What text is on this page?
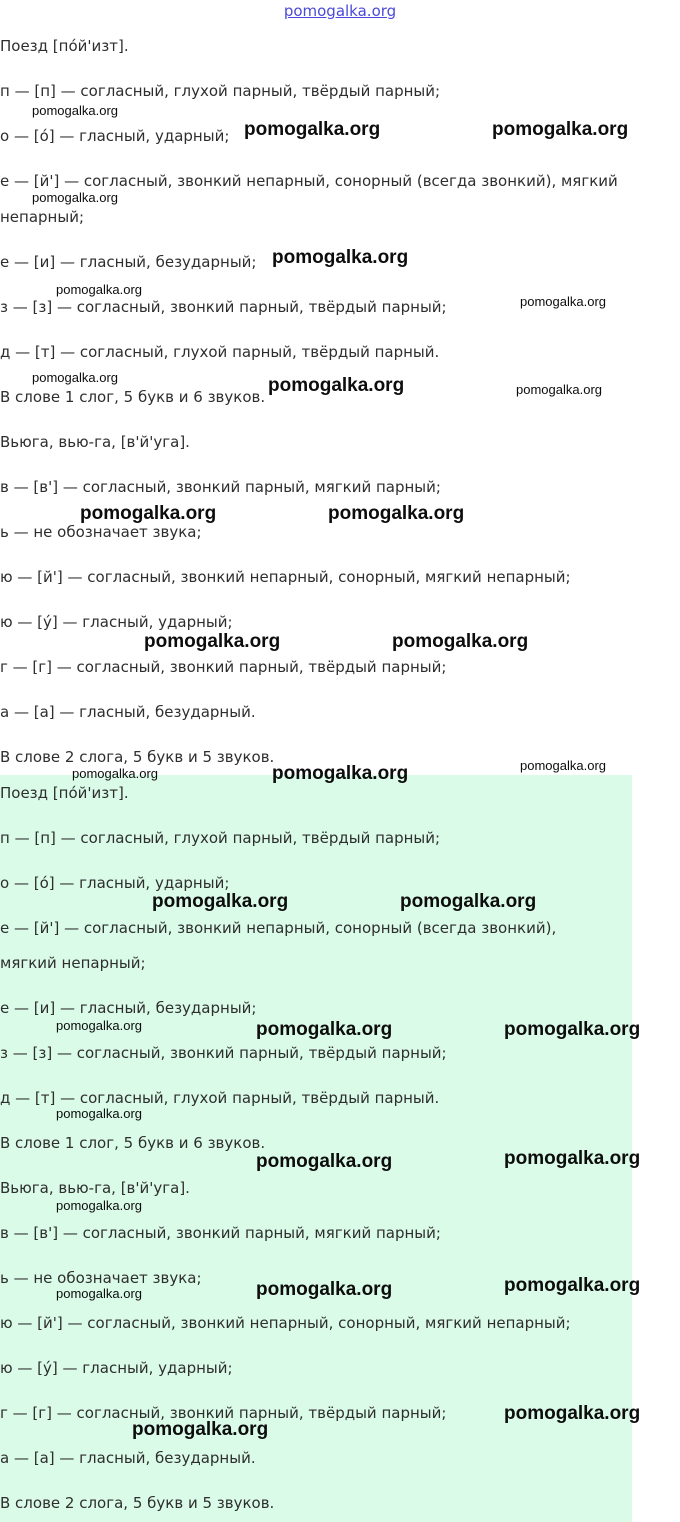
pomogalka.org
Поезд [по́й'изт].
п — [п] — согласный, глухой парный, твёрдый парный;
о — [о́] — гласный, ударный;
е — [й'] — согласный, звонкий непарный, сонорный (всегда звонкий), мягкий
непарный;
е — [и] — гласный, безударный;
з — [з] — согласный, звонкий парный, твёрдый парный;
д — [т] — согласный, глухой парный, твёрдый парный.
В слове 1 слог, 5 букв и 6 звуков.
Вьюга, вью-га, [в'й'уга].
в — [в'] — согласный, звонкий парный, мягкий парный;
ь — не обозначает звука;
ю — [й'] — согласный, звонкий непарный, сонорный, мягкий непарный;
ю — [у́] — гласный, ударный;
г — [г] — согласный, звонкий парный, твёрдый парный;
а — [а] — гласный, безударный.
В слове 2 слога, 5 букв и 5 звуков.
Поезд [по́й'изт].
п — [п] — согласный, глухой парный, твёрдый парный;
о — [о́] — гласный, ударный;
е — [й'] — согласный, звонкий непарный, сонорный (всегда звонкий),
мягкий непарный;
е — [и] — гласный, безударный;
з — [з] — согласный, звонкий парный, твёрдый парный;
д — [т] — согласный, глухой парный, твёрдый парный.
В слове 1 слог, 5 букв и 6 звуков.
Вьюга, вью-га, [в'й'уга].
в — [в'] — согласный, звонкий парный, мягкий парный;
ь — не обозначает звука;
ю — [й'] — согласный, звонкий непарный, сонорный, мягкий непарный;
ю — [у́] — гласный, ударный;
г — [г] — согласный, звонкий парный, твёрдый парный;
а — [а] — гласный, безударный.
В слове 2 слога, 5 букв и 5 звуков.
pomogalka.org
pomogalka.org	pomogalka.org
pomogalka.org
pomogalka.org
pomogalka.org
pomogalka.org
pomogalka.org	pomogalka.org	pomogalka.org
pomogalka.org	pomogalka.org
pomogalka.org	pomogalka.org
pomogalka.org	pomogalka.org	pomogalka.org
pomogalka.org	pomogalka.org
pomogalka.org	pomogalka.org	pomogalka.org
pomogalka.org
pomogalka.org	pomogalka.org
pomogalka.org
pomogalka.org	pomogalka.org
pomogalka.org
pomogalka.org
pomogalka.org
